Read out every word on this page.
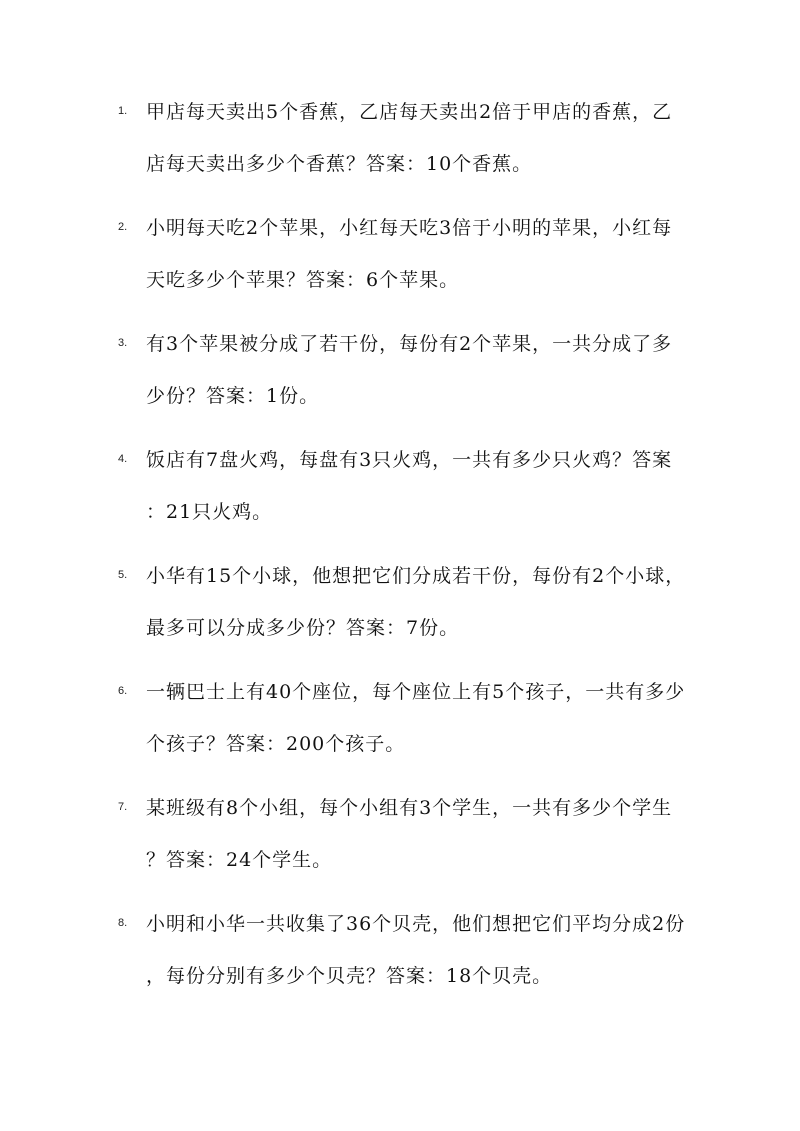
1. 甲店每天卖出5个香蕉，乙店每天卖出2倍于甲店的香蕉，乙
店每天卖出多少个香蕉？答案：10个香蕉。
2. 小明每天吃2个苹果，小红每天吃3倍于小明的苹果，小红每
天吃多少个苹果？答案：6个苹果。
3. 有3个苹果被分成了若干份，每份有2个苹果，一共分成了多
少份？答案：1份。
4. 饭店有7盘火鸡，每盘有3只火鸡，一共有多少只火鸡？答案
：21只火鸡。
5. 小华有15个小球，他想把它们分成若干份，每份有2个小球，
最多可以分成多少份？答案：7份。
6. 一辆巴士上有40个座位，每个座位上有5个孩子，一共有多少
个孩子？答案：200个孩子。
7. 某班级有8个小组，每个小组有3个学生，一共有多少个学生
？答案：24个学生。
8. 小明和小华一共收集了36个贝壳，他们想把它们平均分成2份
，每份分别有多少个贝壳？答案：18个贝壳。
